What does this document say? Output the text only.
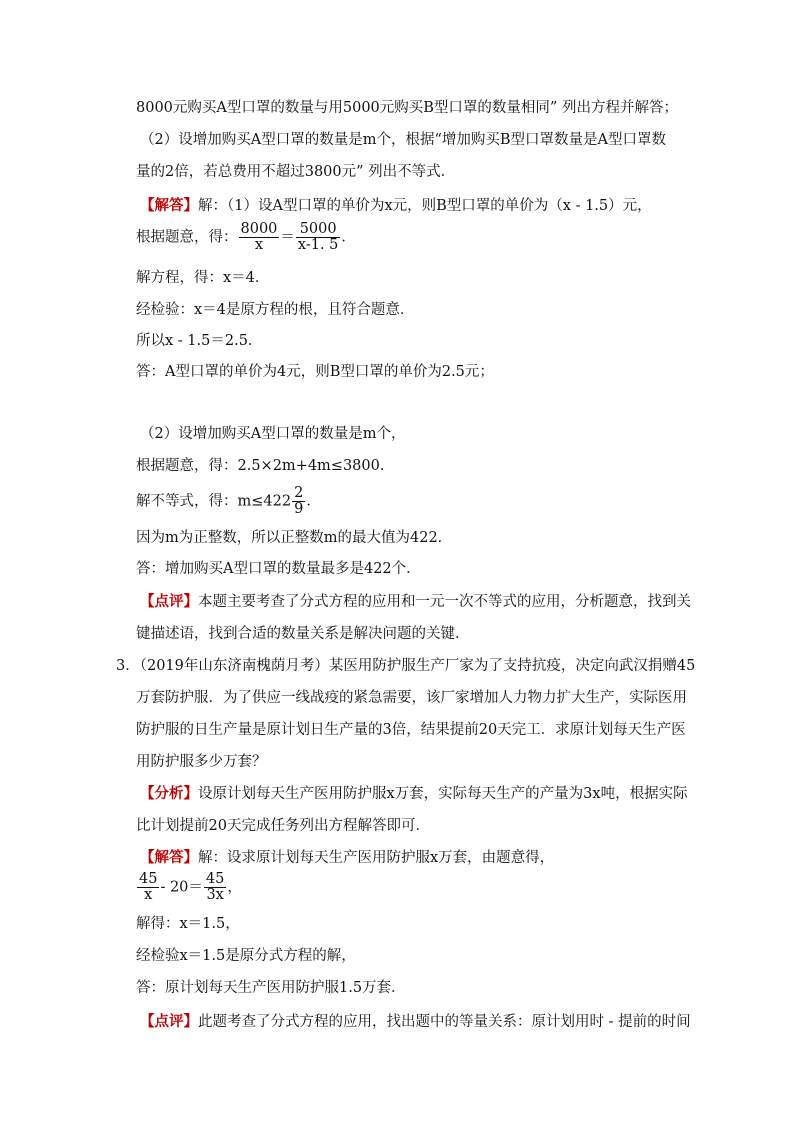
8000元购买A型口罩的数量与用5000元购买B型口罩的数量相同” 列出方程并解答；
（2）设增加购买A型口罩的数量是m个，根据“增加购买B型口罩数量是A型口罩数
量的2倍，若总费用不超过3800元” 列出不等式．
【解答】解：（1）设A型口罩的单价为x元，则B型口罩的单价为（x - 1.5）元，
根据题意，得： $\frac{8000}{x} = \frac{5000}{x-1. 5}$ ．
解方程，得：x＝4．
经检验：x＝4是原方程的根，且符合题意．
所以x - 1.5＝2.5．
答：A型口罩的单价为4元，则B型口罩的单价为2.5元；
（2）设增加购买A型口罩的数量是m个，
根据题意，得：2.5×2m+4m≤3800．
解不等式，得：$m\le 422 \frac{2}{9}$ ．
因为m为正整数，所以正整数m的最大值为422．
答：增加购买A型口罩的数量最多是422个．
【点评】本题主要考查了分式方程的应用和一元一次不等式的应用，分析题意，找到关
键描述语，找到合适的数量关系是解决问题的关键．
3．（2019年山东济南槐荫月考）某医用防护服生产厂家为了支持抗疫，决定向武汉捐赠45
万套防护服．为了供应一线战疫的紧急需要，该厂家增加人力物力扩大生产，实际医用
防护服的日生产量是原计划日生产量的3倍，结果提前20天完工．求原计划每天生产医
用防护服多少万套？
【分析】设原计划每天生产医用防护服x万套，实际每天生产的产量为3x吨，根据实际
比计划提前20天完成任务列出方程解答即可．
【解答】解：设求原计划每天生产医用防护服x万套，由题意得，
$\frac{45}{x} - 20= \frac{45}{3x}$ ，
解得：x＝1.5，
经检验x＝1.5是原分式方程的解，
答：原计划每天生产医用防护服1.5万套．
【点评】此题考查了分式方程的应用，找出题中的等量关系：原计划用时 - 提前的时间
